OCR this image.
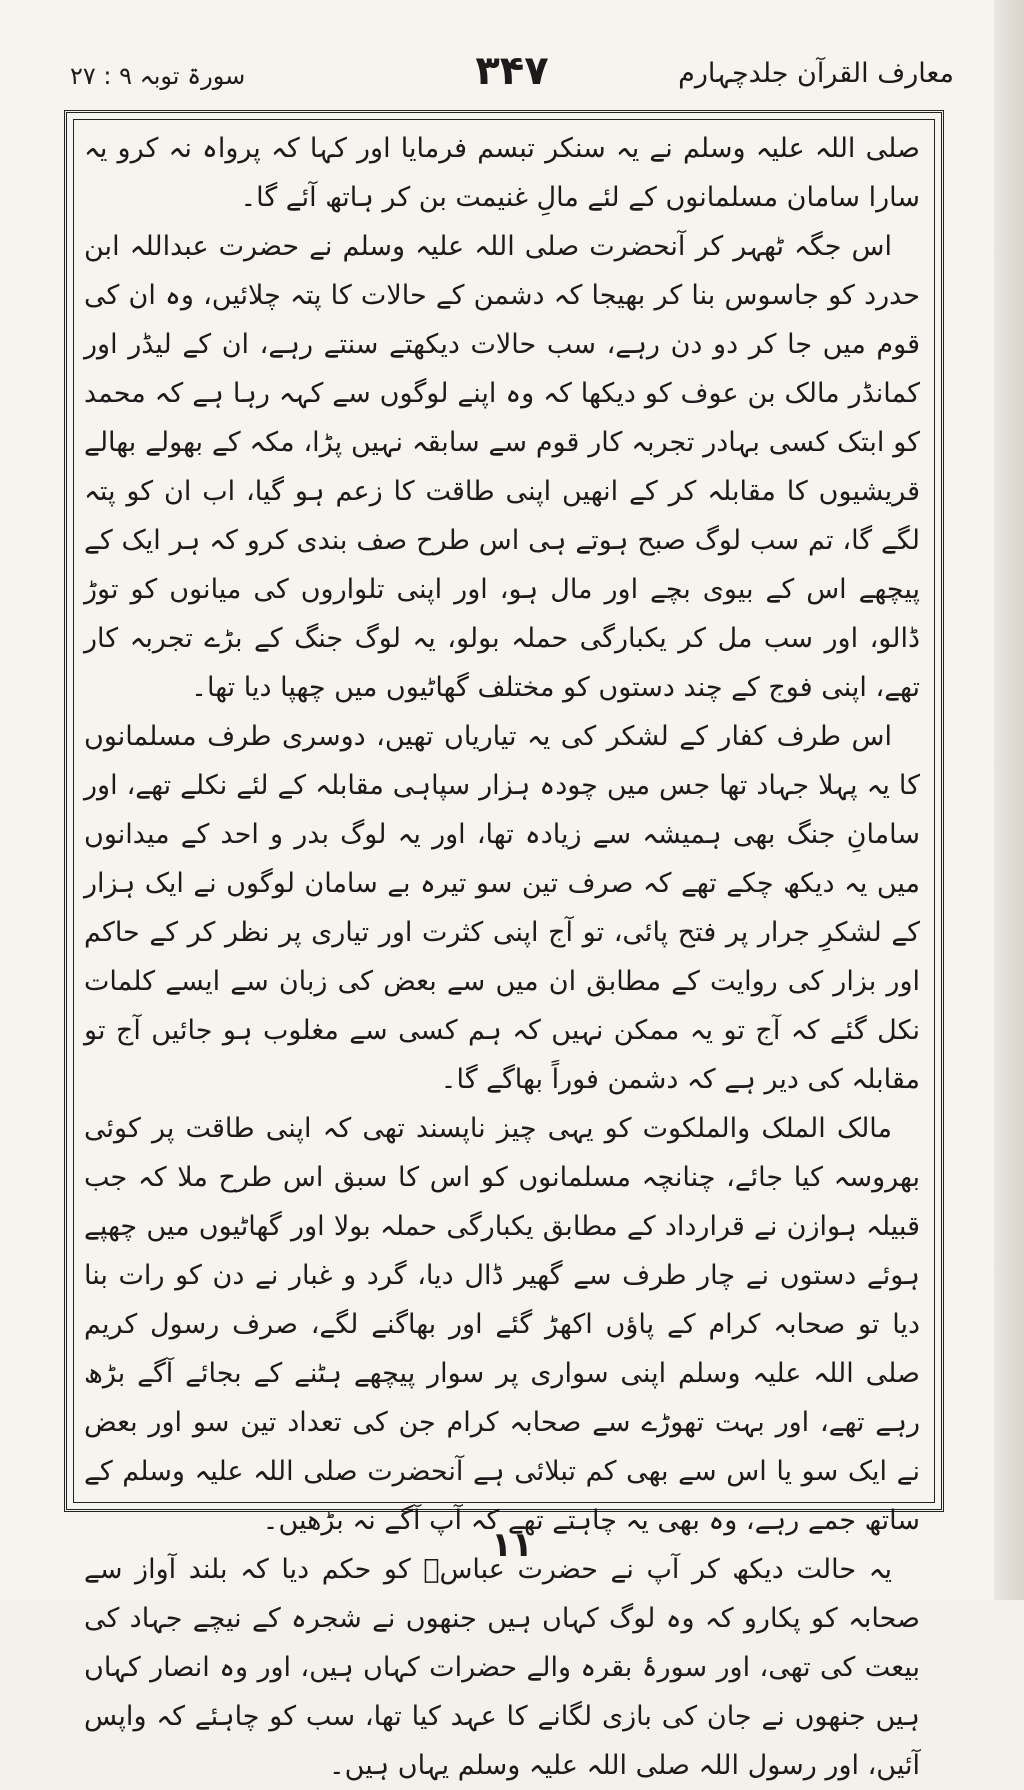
معارف القرآن جلدچہارم
۳۴۷
سورۃ توبہ ۹ : ۲۷

صلی اللہ علیہ وسلم نے یہ سنکر تبسم فرمایا اور کہا کہ پرواہ نہ کرو یہ سارا سامان مسلمانوں کے لئے مالِ غنیمت بن کر ہاتھ آئے گا۔

اس جگہ ٹھہر کر آنحضرت صلی اللہ علیہ وسلم نے حضرت عبداللہ ابن حدرد کو جاسوس بنا کر بھیجا کہ دشمن کے حالات کا پتہ چلائیں، وہ ان کی قوم میں جا کر دو دن رہے، سب حالات دیکھتے سنتے رہے، ان کے لیڈر اور کمانڈر مالک بن عوف کو دیکھا کہ وہ اپنے لوگوں سے کہہ رہا ہے کہ محمد کو ابتک کسی بہادر تجربہ کار قوم سے سابقہ نہیں پڑا، مکہ کے بھولے بھالے قریشیوں کا مقابلہ کر کے انھیں اپنی طاقت کا زعم ہو گیا، اب ان کو پتہ لگے گا، تم سب لوگ صبح ہوتے ہی اس طرح صف بندی کرو کہ ہر ایک کے پیچھے اس کے بیوی بچے اور مال ہو، اور اپنی تلواروں کی میانوں کو توڑ ڈالو، اور سب مل کر یکبارگی حملہ بولو، یہ لوگ جنگ کے بڑے تجربہ کار تھے، اپنی فوج کے چند دستوں کو مختلف گھاٹیوں میں چھپا دیا تھا۔

اس طرف کفار کے لشکر کی یہ تیاریاں تھیں، دوسری طرف مسلمانوں کا یہ پہلا جہاد تھا جس میں چودہ ہزار سپاہی مقابلہ کے لئے نکلے تھے، اور سامانِ جنگ بھی ہمیشہ سے زیادہ تھا، اور یہ لوگ بدر و احد کے میدانوں میں یہ دیکھ چکے تھے کہ صرف تین سو تیرہ بے سامان لوگوں نے ایک ہزار کے لشکرِ جرار پر فتح پائی، تو آج اپنی کثرت اور تیاری پر نظر کر کے حاکم اور بزار کی روایت کے مطابق ان میں سے بعض کی زبان سے ایسے کلمات نکل گئے کہ آج تو یہ ممکن نہیں کہ ہم کسی سے مغلوب ہو جائیں آج تو مقابلہ کی دیر ہے کہ دشمن فوراً بھاگے گا۔

مالک الملک والملکوت کو یہی چیز ناپسند تھی کہ اپنی طاقت پر کوئی بھروسہ کیا جائے، چنانچہ مسلمانوں کو اس کا سبق اس طرح ملا کہ جب قبیلہ ہوازن نے قرارداد کے مطابق یکبارگی حملہ بولا اور گھاٹیوں میں چھپے ہوئے دستوں نے چار طرف سے گھیر ڈال دیا، گرد و غبار نے دن کو رات بنا دیا تو صحابہ کرام کے پاؤں اکھڑ گئے اور بھاگنے لگے، صرف رسول کریم صلی اللہ علیہ وسلم اپنی سواری پر سوار پیچھے ہٹنے کے بجائے آگے بڑھ رہے تھے، اور بہت تھوڑے سے صحابہ کرام جن کی تعداد تین سو اور بعض نے ایک سو یا اس سے بھی کم تبلائی ہے آنحضرت صلی اللہ علیہ وسلم کے ساتھ جمے رہے، وہ بھی یہ چاہتے تھے کہ آپ آگے نہ بڑھیں۔

یہ حالت دیکھ کر آپ نے حضرت عباسؓ کو حکم دیا کہ بلند آواز سے صحابہ کو پکارو کہ وہ لوگ کہاں ہیں جنھوں نے شجرہ کے نیچے جہاد کی بیعت کی تھی، اور سورۂ بقرہ والے حضرات کہاں ہیں، اور وہ انصار کہاں ہیں جنھوں نے جان کی بازی لگانے کا عہد کیا تھا، سب کو چاہئے کہ واپس آئیں، اور رسول اللہ صلی اللہ علیہ وسلم یہاں ہیں۔

۱۱
